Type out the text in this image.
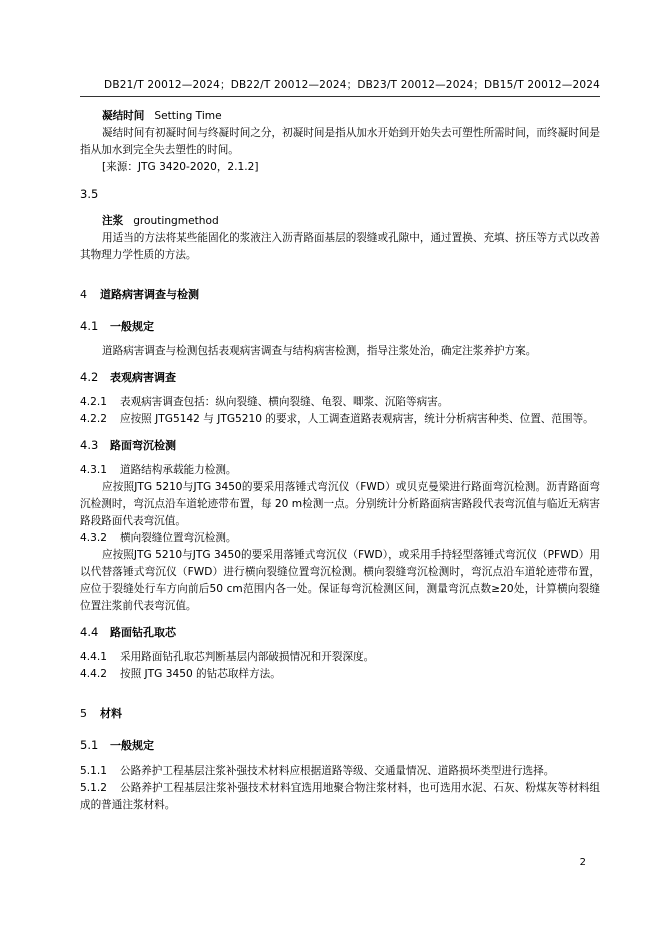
DB21/T 20012—2024；DB22/T 20012—2024；DB23/T 20012—2024；DB15/T 20012—2024

凝结时间 Setting Time

凝结时间有初凝时间与终凝时间之分，初凝时间是指从加水开始到开始失去可塑性所需时间，而终凝时间是指从加水到完全失去塑性的时间。

[来源：JTG 3420-2020，2.1.2]

3.5

注浆 groutingmethod

用适当的方法将某些能固化的浆液注入沥青路面基层的裂缝或孔隙中，通过置换、充填、挤压等方式以改善其物理力学性质的方法。

4 道路病害调查与检测

4.1 一般规定

道路病害调查与检测包括表观病害调查与结构病害检测，指导注浆处治，确定注浆养护方案。

4.2 表观病害调查

4.2.1 表观病害调查包括：纵向裂缝、横向裂缝、龟裂、唧浆、沉陷等病害。

4.2.2 应按照 JTG5142 与 JTG5210 的要求，人工调查道路表观病害，统计分析病害种类、位置、范围等。

4.3 路面弯沉检测

4.3.1 道路结构承载能力检测。

应按照JTG 5210与JTG 3450的要采用落锤式弯沉仪（FWD）或贝克曼梁进行路面弯沉检测。沥青路面弯沉检测时，弯沉点沿车道轮迹带布置，每 20 m检测一点。分别统计分析路面病害路段代表弯沉值与临近无病害路段路面代表弯沉值。

4.3.2 横向裂缝位置弯沉检测。

应按照JTG 5210与JTG 3450的要采用落锤式弯沉仪（FWD），或采用手持轻型落锤式弯沉仪（PFWD）用以代替落锤式弯沉仪（FWD）进行横向裂缝位置弯沉检测。横向裂缝弯沉检测时，弯沉点沿车道轮迹带布置，应位于裂缝处行车方向前后50 cm范围内各一处。保证每弯沉检测区间，测量弯沉点数≥20处，计算横向裂缝位置注浆前代表弯沉值。

4.4 路面钻孔取芯

4.4.1 采用路面钻孔取芯判断基层内部破损情况和开裂深度。

4.4.2 按照 JTG 3450 的钻芯取样方法。

5 材料

5.1 一般规定

5.1.1 公路养护工程基层注浆补强技术材料应根据道路等级、交通量情况、道路损坏类型进行选择。

5.1.2 公路养护工程基层注浆补强技术材料宜选用地聚合物注浆材料，也可选用水泥、石灰、粉煤灰等材料组成的普通注浆材料。

2
